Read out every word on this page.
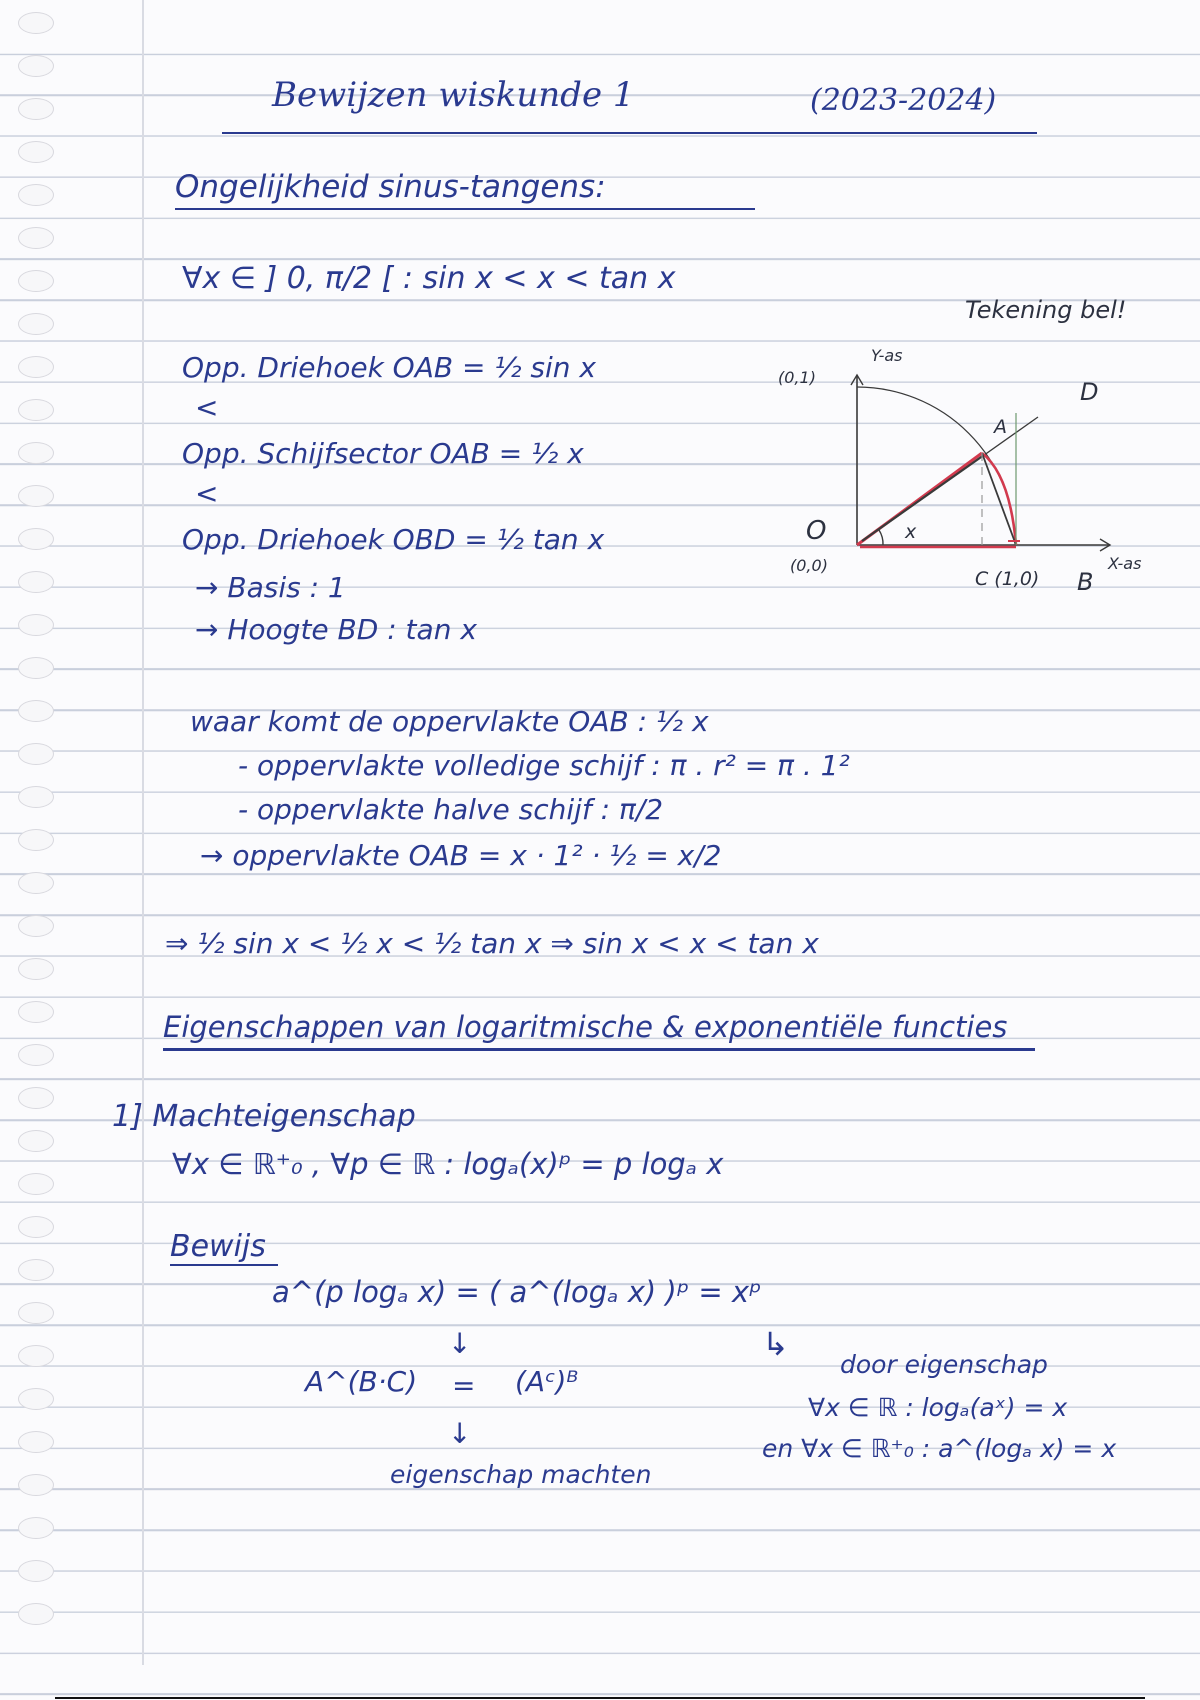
Bewijzen wiskunde 1	(2023-2024)
Ongelijkheid sinus-tangens:
∀x ∈ ] 0, π/2 [ : sin x < x < tan x
Opp. Driehoek OAB = ½ sin x
<
Opp. Schijfsector OAB = ½ x
<
Opp. Driehoek OBD = ½ tan x
→ Basis : 1
→ Hoogte BD : tan x
Tekening bel!
Y-as
X-as
(0,1)
O
(0,0)
A
B
C (1,0)
D
x
waar komt de oppervlakte OAB : ½ x
- oppervlakte volledige schijf : π . r² = π . 1²
- oppervlakte halve schijf : π/2
→ oppervlakte OAB = x · 1² · ½ = x/2
⇒ ½ sin x < ½ x < ½ tan x ⇒ sin x < x < tan x
Eigenschappen van logaritmische & exponentiële functies
1] Machteigenschap
∀x ∈ ℝ⁺₀ , ∀p ∈ ℝ : logₐ(x)ᵖ = p logₐ x
Bewijs
a^(p logₐ x) = ( a^(logₐ x) )ᵖ = xᵖ
↓
A^(B·C) = (Aᶜ)ᴮ
↓
eigenschap machten
↳
door eigenschap
∀x ∈ ℝ : logₐ(aˣ) = x
en ∀x ∈ ℝ⁺₀ : a^(logₐ x) = x
